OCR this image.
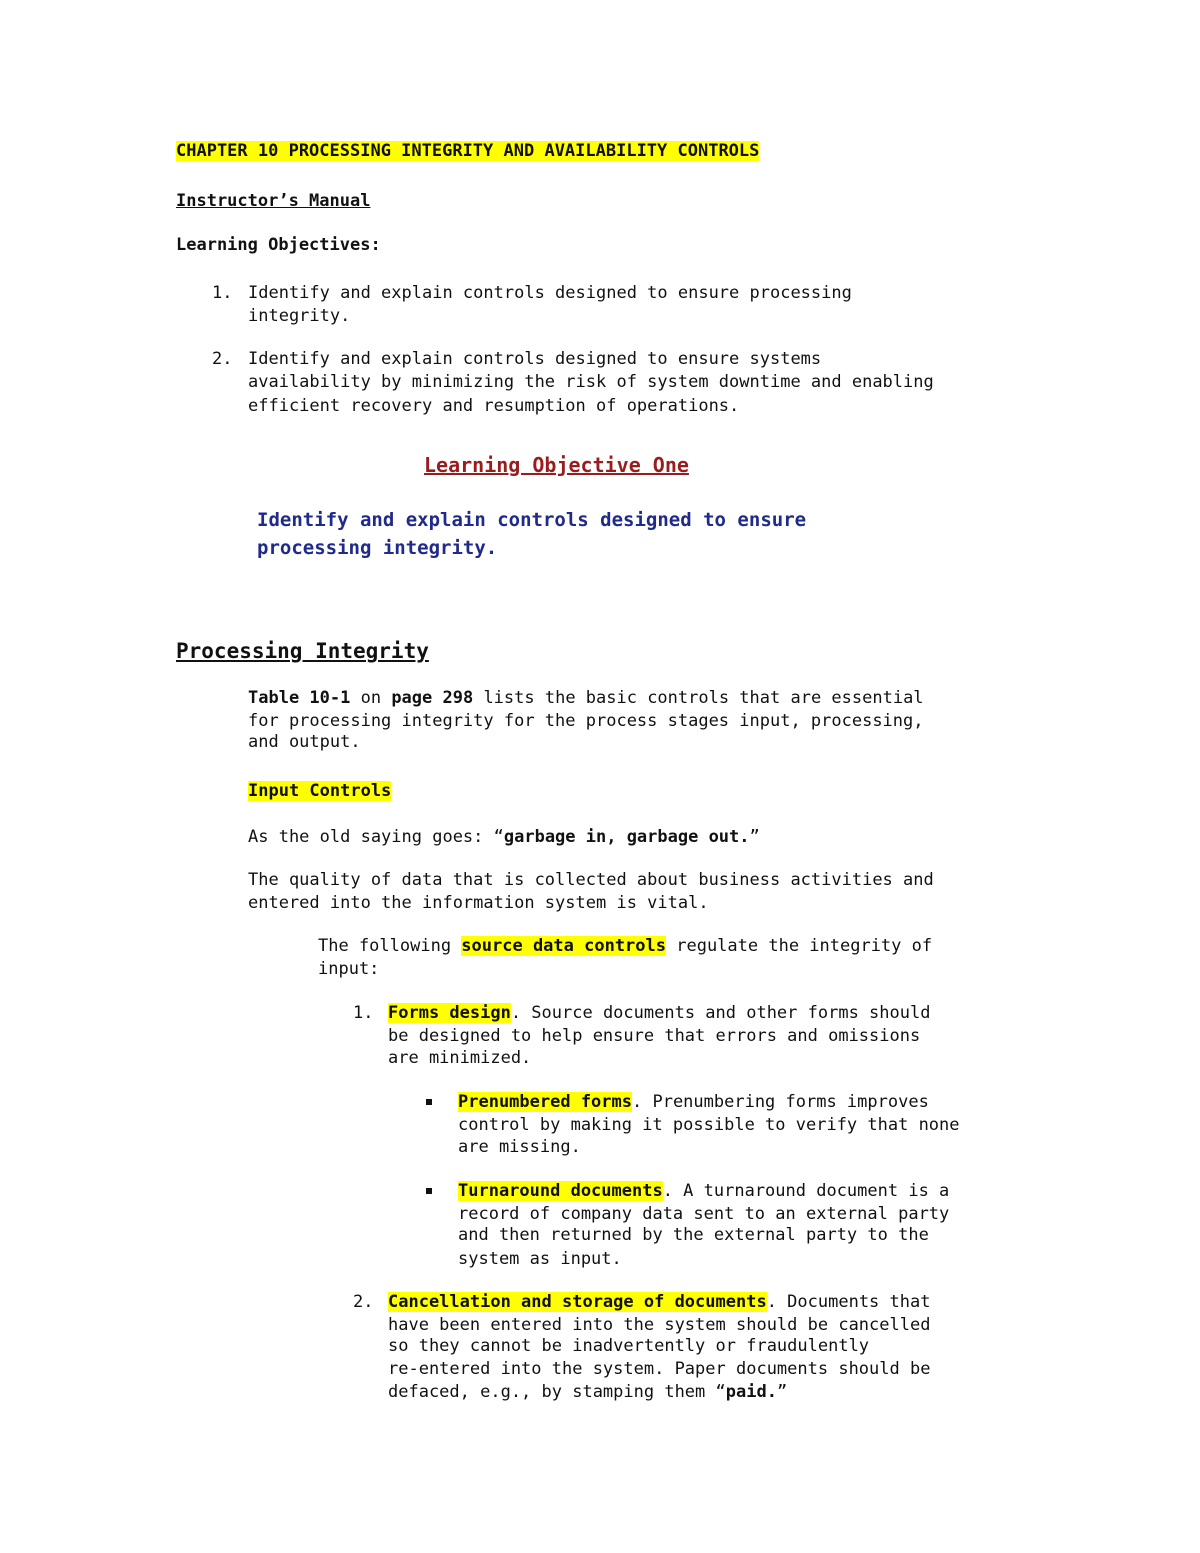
CHAPTER 10 PROCESSING INTEGRITY AND AVAILABILITY CONTROLS
Instructor’s Manual
Learning Objectives:
1. Identify and explain controls designed to ensure processing
integrity.
2. Identify and explain controls designed to ensure systems
availability by minimizing the risk of system downtime and enabling
efficient recovery and resumption of operations.
Learning Objective One
Identify and explain controls designed to ensure
processing integrity.
Processing Integrity
Table 10-1 on page 298 lists the basic controls that are essential
for processing integrity for the process stages input, processing,
and output.
Input Controls
As the old saying goes: “garbage in, garbage out.”
The quality of data that is collected about business activities and
entered into the information system is vital.
The following source data controls regulate the integrity of
input:
1. Forms design. Source documents and other forms should
be designed to help ensure that errors and omissions
are minimized.
Prenumbered forms. Prenumbering forms improves
control by making it possible to verify that none
are missing.
Turnaround documents. A turnaround document is a
record of company data sent to an external party
and then returned by the external party to the
system as input.
2. Cancellation and storage of documents. Documents that
have been entered into the system should be cancelled
so they cannot be inadvertently or fraudulently
re-entered into the system. Paper documents should be
defaced, e.g., by stamping them “paid.”
